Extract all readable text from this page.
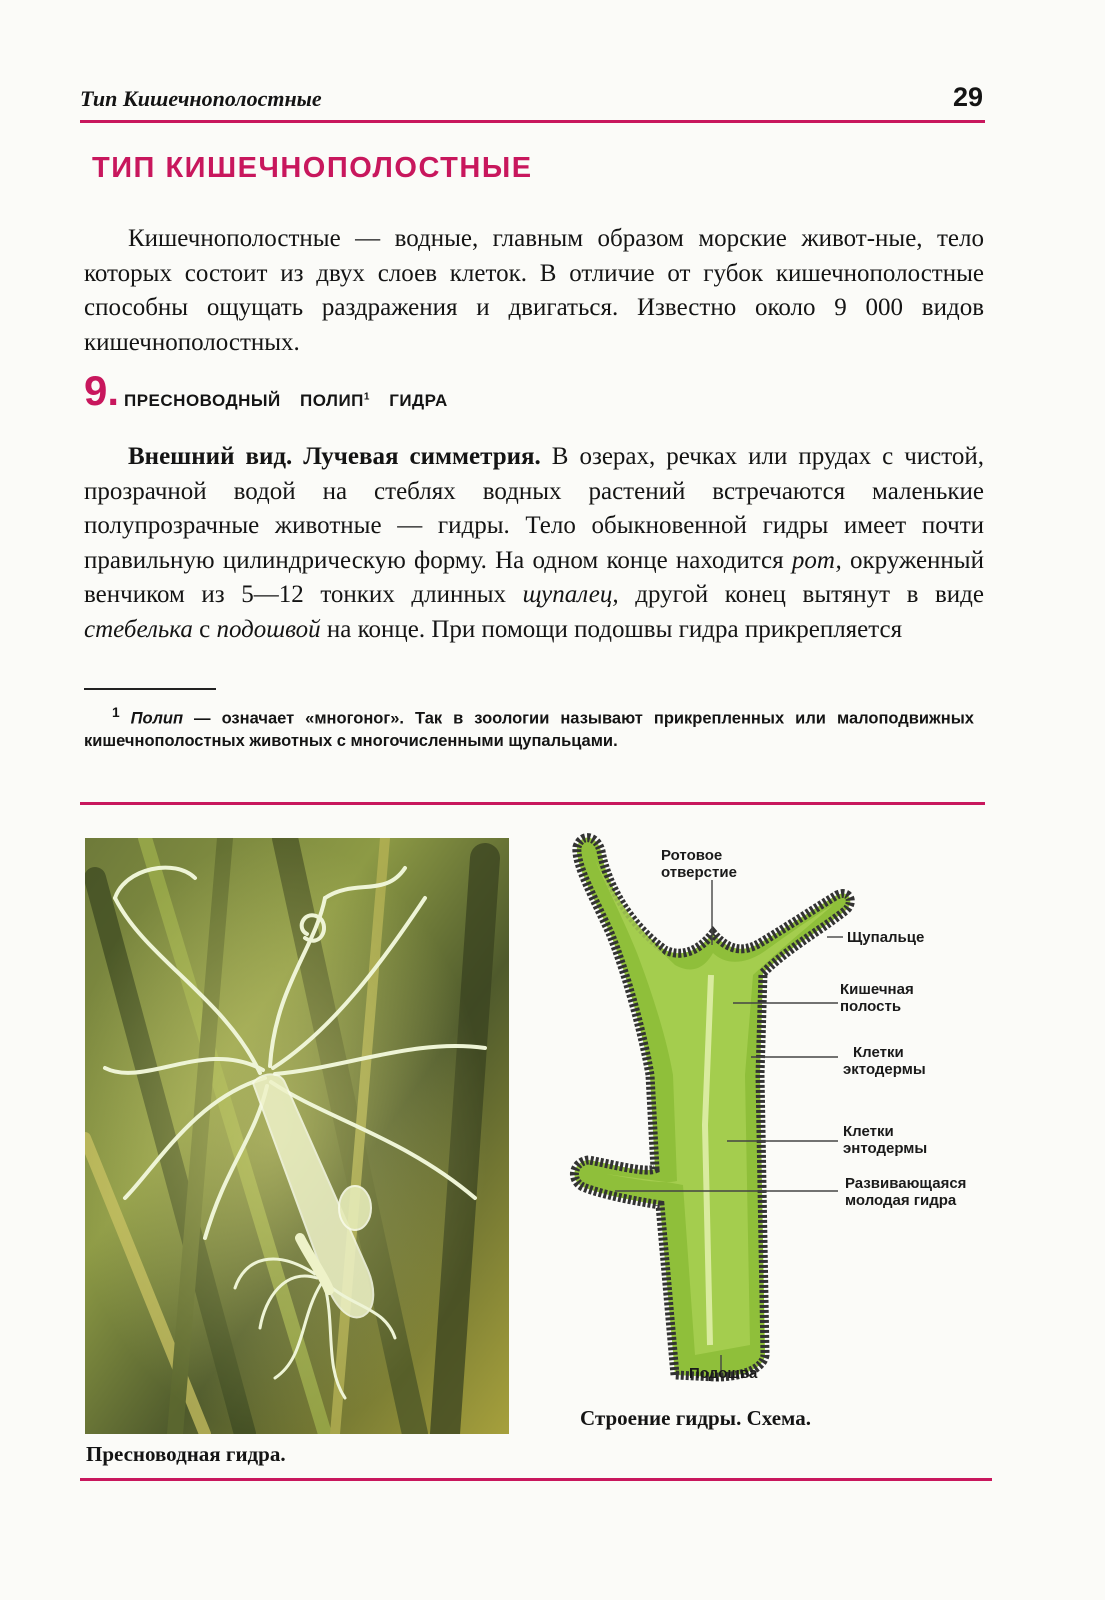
Тип Кишечнополостные	29
ТИП КИШЕЧНОПОЛОСТНЫЕ

Кишечнополостные — водные, главным образом морские живот-ные, тело которых состоит из двух слоев клеток. В отличие от губок кишечнополостные способны ощущать раздражения и двигаться. Известно около 9 000 видов кишечнополостных.

9. ПРЕСНОВОДНЫЙ ПОЛИП$^1$ ГИДРА

Внешний вид. Лучевая симметрия. В озерах, речках или прудах с чистой, прозрачной водой на стеблях водных растений встречаются маленькие полупрозрачные животные — гидры. Тело обыкновенной гидры имеет почти правильную цилиндрическую форму. На одном конце находится рот, окруженный венчиком из 5—12 тонких длинных щупалец, другой конец вытянут в виде стебелька с подошвой на конце. При помощи подошвы гидра прикрепляется

$^1$ Полип — означает «многоног». Так в зоологии называют прикрепленных или малоподвижных кишечнополостных животных с многочисленными щупальцами.

Ротовое
отверстие
Щупальце
Кишечная
полость
Клетки
эктодермы
Клетки
энтодермы
Развивающаяся
молодая гидра
Подошва
Строение гидры. Схема.
Пресноводная гидра.
